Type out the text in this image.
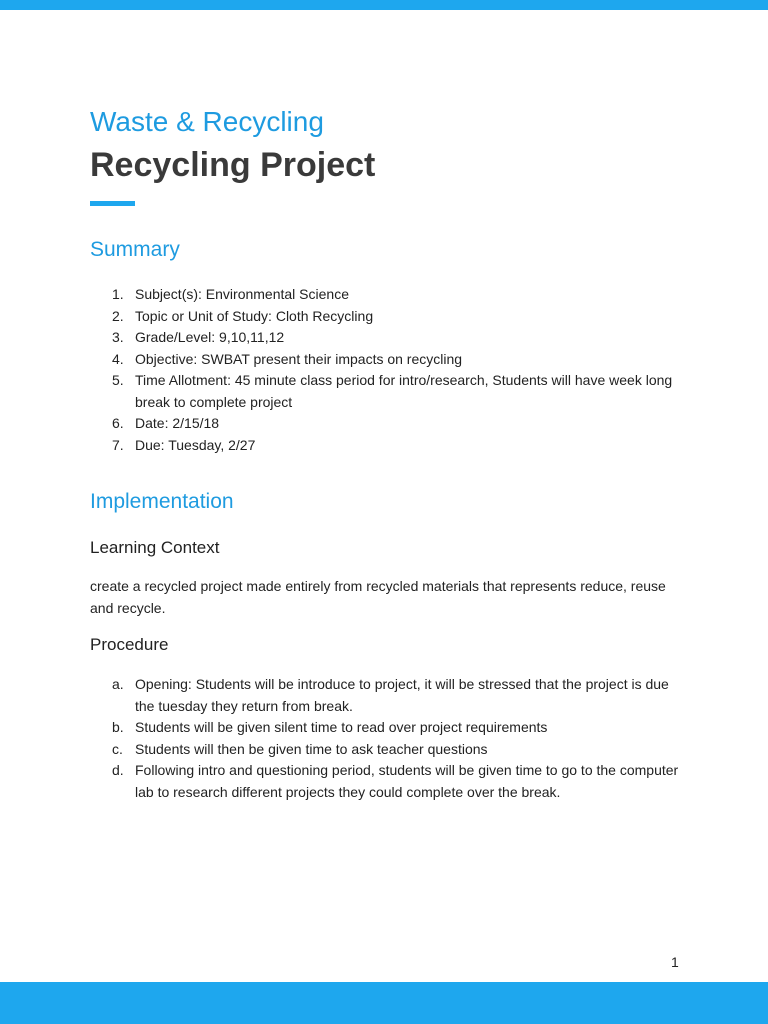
Waste & Recycling
Recycling Project
Summary
1. Subject(s): Environmental Science
2. Topic or Unit of Study: Cloth Recycling
3. Grade/Level: 9,10,11,12
4. Objective: SWBAT present their impacts on recycling
5. Time Allotment: 45 minute class period for intro/research, Students will have week long break to complete project
6. Date: 2/15/18
7. Due: Tuesday, 2/27
Implementation
Learning Context

create a recycled project made entirely from recycled materials that represents reduce, reuse and recycle.

Procedure
a. Opening: Students will be introduce to project, it will be stressed that the project is due the tuesday they return from break.
b. Students will be given silent time to read over project requirements
c. Students will then be given time to ask teacher questions
d. Following intro and questioning period, students will be given time to go to the computer lab to research different projects they could complete over the break.
1
